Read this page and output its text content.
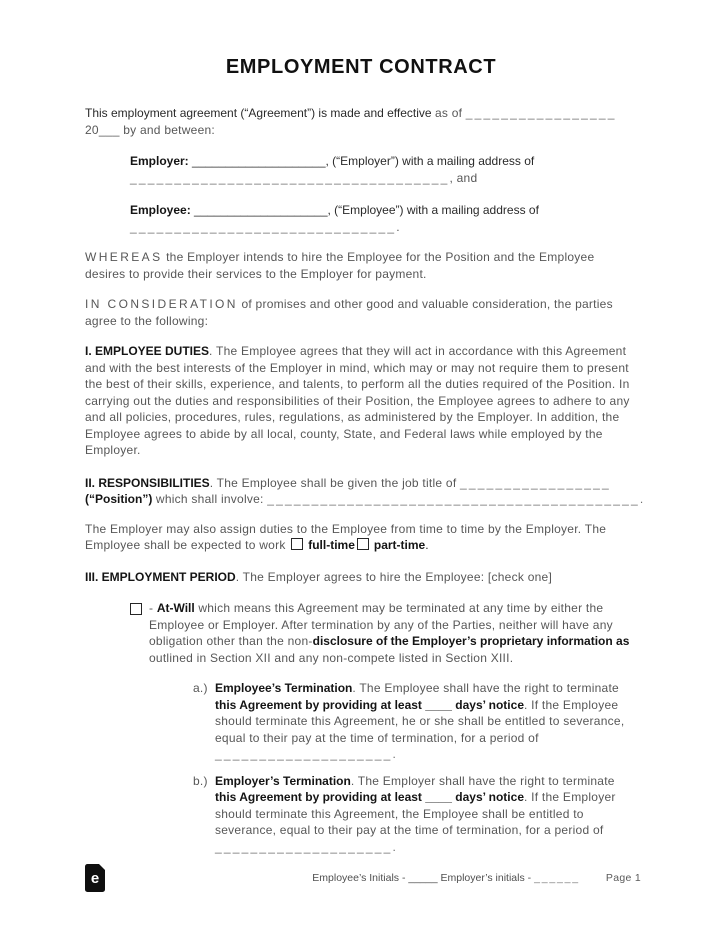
EMPLOYMENT CONTRACT

This employment agreement (“Agreement”) is made and effective as of _________________
20___ by and between:

Employer: ____________________, (“Employer”) with a mailing address of
____________________________________, and

Employee: ____________________, (“Employee”) with a mailing address of
______________________________.

WHEREAS the Employer intends to hire the Employee for the Position and the Employee desires to provide their services to the Employer for payment.

IN CONSIDERATION of promises and other good and valuable consideration, the parties agree to the following:

I. EMPLOYEE DUTIES. The Employee agrees that they will act in accordance with this Agreement and with the best interests of the Employer in mind, which may or may not require them to present the best of their skills, experience, and talents, to perform all the duties required of the Position. In carrying out the duties and responsibilities of their Position, the Employee agrees to adhere to any and all policies, procedures, rules, regulations, as administered by the Employer. In addition, the Employee agrees to abide by all local, county, State, and Federal laws while employed by the Employer.

II. RESPONSIBILITIES. The Employee shall be given the job title of _________________
(“Position”) which shall involve: __________________________________________.

The Employer may also assign duties to the Employee from time to time by the Employer. The Employee shall be expected to work full-time part-time.

III. EMPLOYMENT PERIOD. The Employer agrees to hire the Employee: [check one]

- At-Will which means this Agreement may be terminated at any time by either the Employee or Employer. After termination by any of the Parties, neither will have any obligation other than the non-disclosure of the Employer’s proprietary information as outlined in Section XII and any non-compete listed in Section XIII.
a.) Employee’s Termination. The Employee shall have the right to terminate this Agreement by providing at least ____ days’ notice. If the Employee should terminate this Agreement, he or she shall be entitled to severance, equal to their pay at the time of termination, for a period of
____________________.
b.) Employer’s Termination. The Employer shall have the right to terminate this Agreement by providing at least ____ days’ notice. If the Employer should terminate this Agreement, the Employee shall be entitled to severance, equal to their pay at the time of termination, for a period of
____________________.
e	Employee’s Initials - _____ Employer’s initials - ______ Page 1
